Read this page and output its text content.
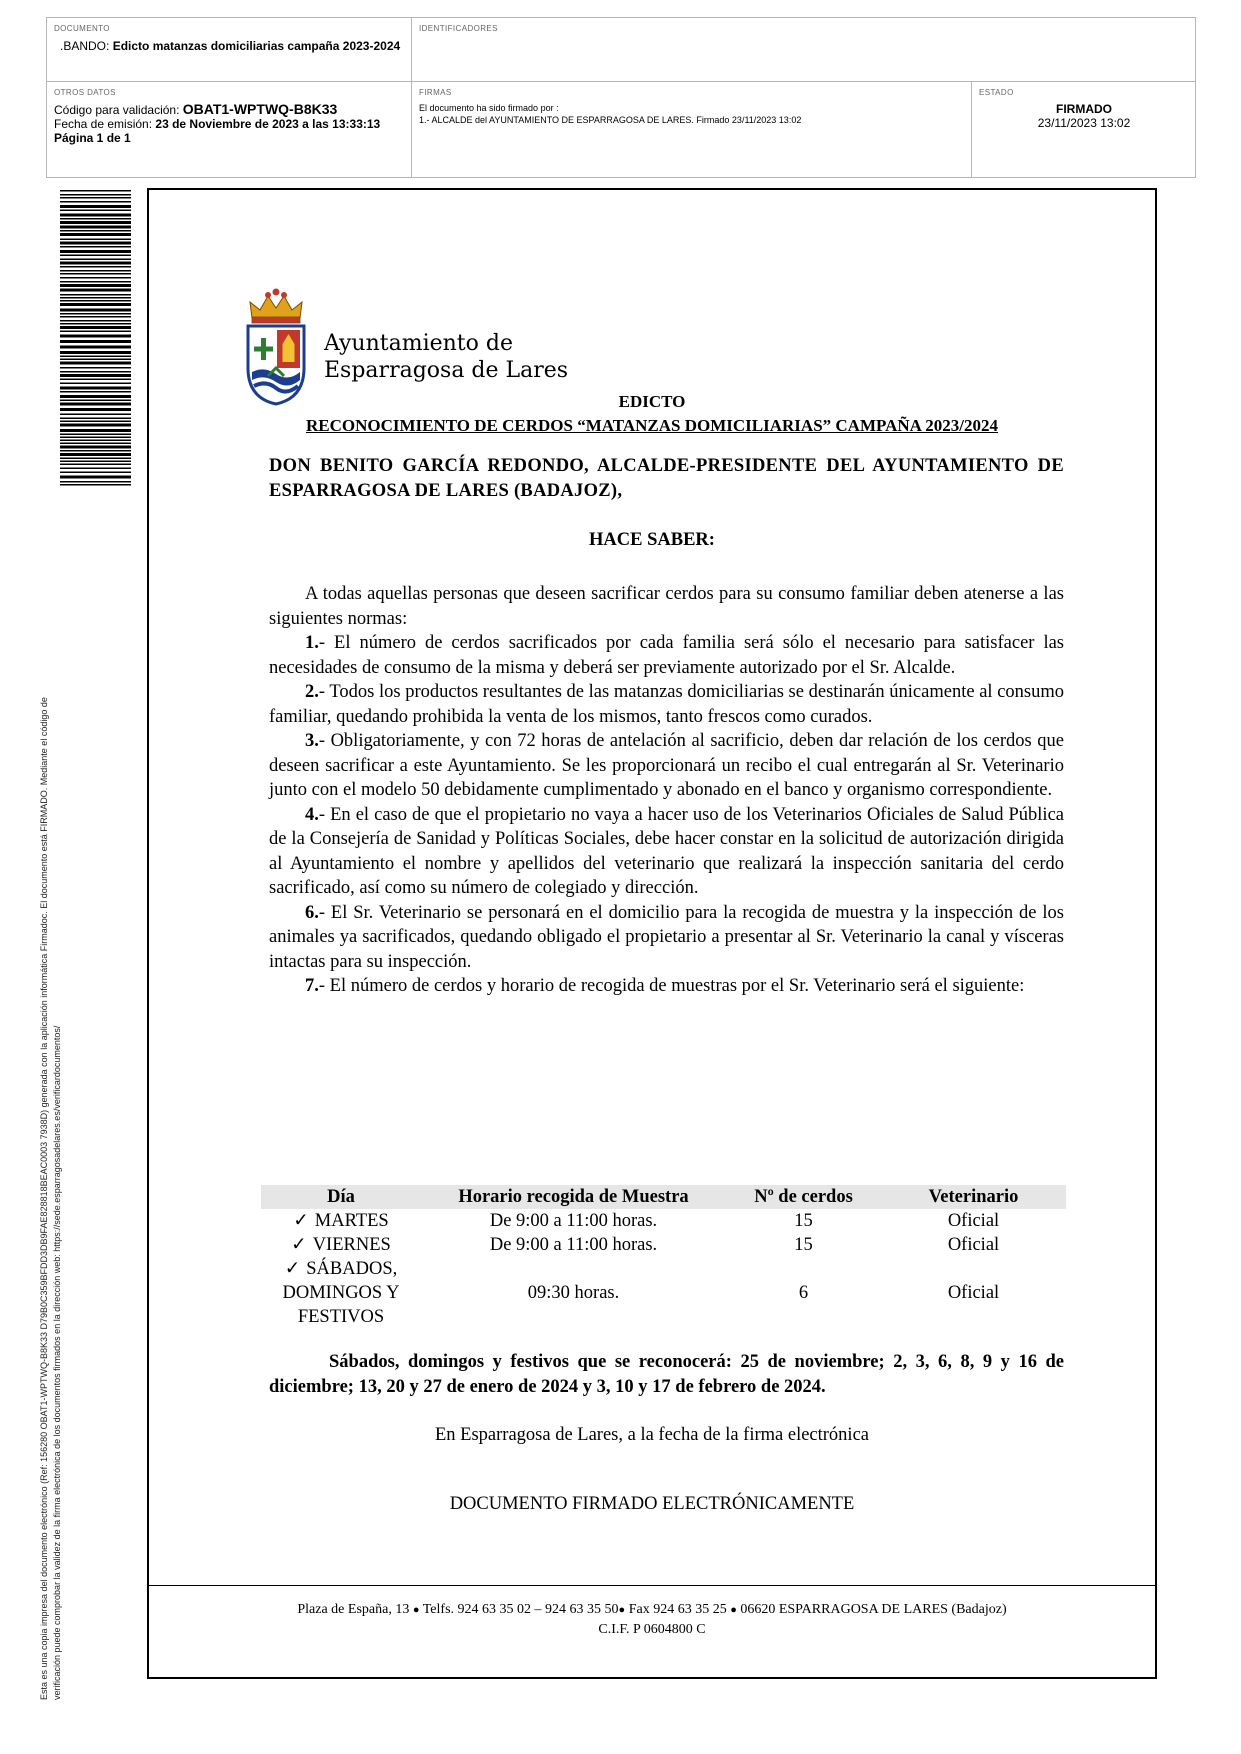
DOCUMENTO
.BANDO: Edicto matanzas domiciliarias campaña 2023-2024
IDENTIFICADORES
OTROS DATOS
Código para validación: OBAT1-WPTWQ-B8K33
Fecha de emisión: 23 de Noviembre de 2023 a las 13:33:13
Página 1 de 1
FIRMAS
El documento ha sido firmado por :
1.- ALCALDE del AYUNTAMIENTO DE ESPARRAGOSA DE LARES. Firmado 23/11/2023 13:02
ESTADO
FIRMADO
23/11/2023 13:02
Esta es una copia impresa del documento electrónico (Ref: 156280 OBAT1-WPTWQ-B8K33 D79B0C359BFDD3DB9FAE828818BEAC0003 7938D) generada con la aplicación informática Firmadoc. El documento está FIRMADO. Mediante el código de verificación puede comprobar la validez de la firma electrónica de los documentos firmados en la dirección web: https://sede.esparragosadelares.es/verificardocumentos/
Ayuntamiento de
Esparragosa de Lares
EDICTO
RECONOCIMIENTO DE CERDOS “MATANZAS DOMICILIARIAS” CAMPAÑA 2023/2024
DON BENITO GARCÍA REDONDO, ALCALDE-PRESIDENTE DEL AYUNTAMIENTO DE ESPARRAGOSA DE LARES (BADAJOZ),
HACE SABER:

A todas aquellas personas que deseen sacrificar cerdos para su consumo familiar deben atenerse a las siguientes normas:

1.- El número de cerdos sacrificados por cada familia será sólo el necesario para satisfacer las necesidades de consumo de la misma y deberá ser previamente autorizado por el Sr. Alcalde.

2.- Todos los productos resultantes de las matanzas domiciliarias se destinarán únicamente al consumo familiar, quedando prohibida la venta de los mismos, tanto frescos como curados.

3.- Obligatoriamente, y con 72 horas de antelación al sacrificio, deben dar relación de los cerdos que deseen sacrificar a este Ayuntamiento. Se les proporcionará un recibo el cual entregarán al Sr. Veterinario junto con el modelo 50 debidamente cumplimentado y abonado en el banco y organismo correspondiente.

4.- En el caso de que el propietario no vaya a hacer uso de los Veterinarios Oficiales de Salud Pública de la Consejería de Sanidad y Políticas Sociales, debe hacer constar en la solicitud de autorización dirigida al Ayuntamiento el nombre y apellidos del veterinario que realizará la inspección sanitaria del cerdo sacrificado, así como su número de colegiado y dirección.

6.- El Sr. Veterinario se personará en el domicilio para la recogida de muestra y la inspección de los animales ya sacrificados, quedando obligado el propietario a presentar al Sr. Veterinario la canal y vísceras intactas para su inspección.

7.- El número de cerdos y horario de recogida de muestras por el Sr. Veterinario será el siguiente:

Día	Horario recogida de Muestra	Nº de cerdos	Veterinario
✓ MARTES	De 9:00 a 11:00 horas.	15	Oficial
✓ VIERNES	De 9:00 a 11:00 horas.	15	Oficial

✓ SÁBADOS,
DOMINGOS Y
FESTIVOS	09:30 horas.	6	Oficial
Sábados, domingos y festivos que se reconocerá: 25 de noviembre; 2, 3, 6, 8, 9 y 16 de diciembre; 13, 20 y 27 de enero de 2024 y 3, 10 y 17 de febrero de 2024.
En Esparragosa de Lares, a la fecha de la firma electrónica
DOCUMENTO FIRMADO ELECTRÓNICAMENTE
Plaza de España, 13 ● Telfs. 924 63 35 02 – 924 63 35 50● Fax 924 63 35 25 ● 06620 ESPARRAGOSA DE LARES (Badajoz)
C.I.F. P 0604800 C
